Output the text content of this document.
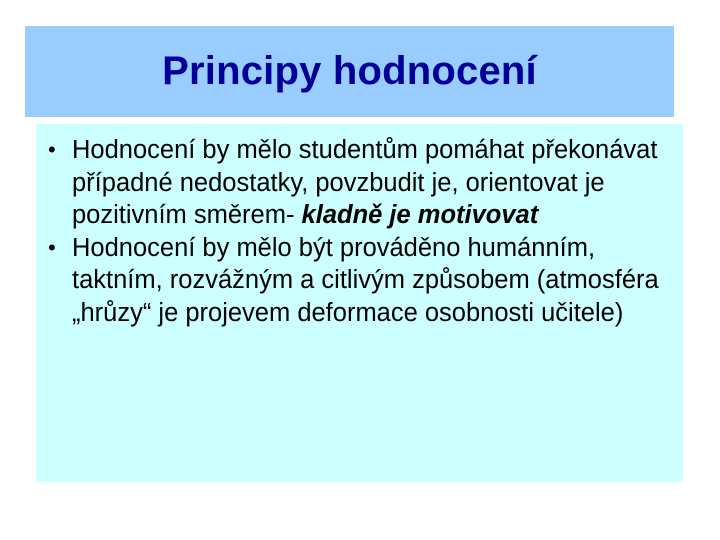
Principy hodnocení
• Hodnocení by mělo studentům pomáhat překonávat případné nedostatky, povzbudit je, orientovat je pozitivním směrem- kladně je motivovat
• Hodnocení by mělo být prováděno humánním, taktním, rozvážným a citlivým způsobem (atmosféra „hrůzy“ je projevem deformace osobnosti učitele)
